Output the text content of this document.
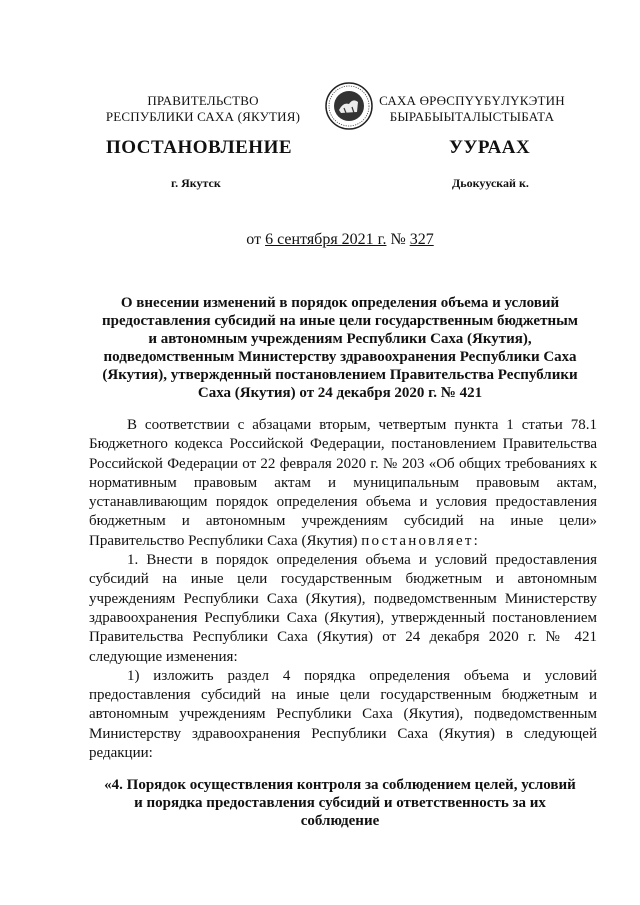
ПРАВИТЕЛЬСТВО
РЕСПУБЛИКИ САХА (ЯКУТИЯ)
САХА ӨРӨСПҮҮБҮЛҮКЭТИН
БЫРАБЫЫТАЛЫСТЫБАТА
ПОСТАНОВЛЕНИЕ	УУРААХ
г. Якутск	Дьокуускай к.
от 6 сентября 2021 г. № 327
О внесении изменений в порядок определения объема и условий предоставления субсидий на иные цели государственным бюджетным и автономным учреждениям Республики Саха (Якутия), подведомственным Министерству здравоохранения Республики Саха (Якутия), утвержденный постановлением Правительства Республики Саха (Якутия) от 24 декабря 2020 г. № 421

В соответствии с абзацами вторым, четвертым пункта 1 статьи 78.1 Бюджетного кодекса Российской Федерации, постановлением Правительства Российской Федерации от 22 февраля 2020 г. № 203 «Об общих требованиях к нормативным правовым актам и муниципальным правовым актам, устанавливающим порядок определения объема и условия предоставления бюджетным и автономным учреждениям субсидий на иные цели» Правительство Республики Саха (Якутия) постановляет:

1. Внести в порядок определения объема и условий предоставления субсидий на иные цели государственным бюджетным и автономным учреждениям Республики Саха (Якутия), подведомственным Министерству здравоохранения Республики Саха (Якутия), утвержденный постановлением Правительства Республики Саха (Якутия) от 24 декабря 2020 г. № 421 следующие изменения:

1) изложить раздел 4 порядка определения объема и условий предоставления субсидий на иные цели государственным бюджетным и автономным учреждениям Республики Саха (Якутия), подведомственным Министерству здравоохранения Республики Саха (Якутия) в следующей редакции:

«4. Порядок осуществления контроля за соблюдением целей, условий и порядка предоставления субсидий и ответственность за их соблюдение
